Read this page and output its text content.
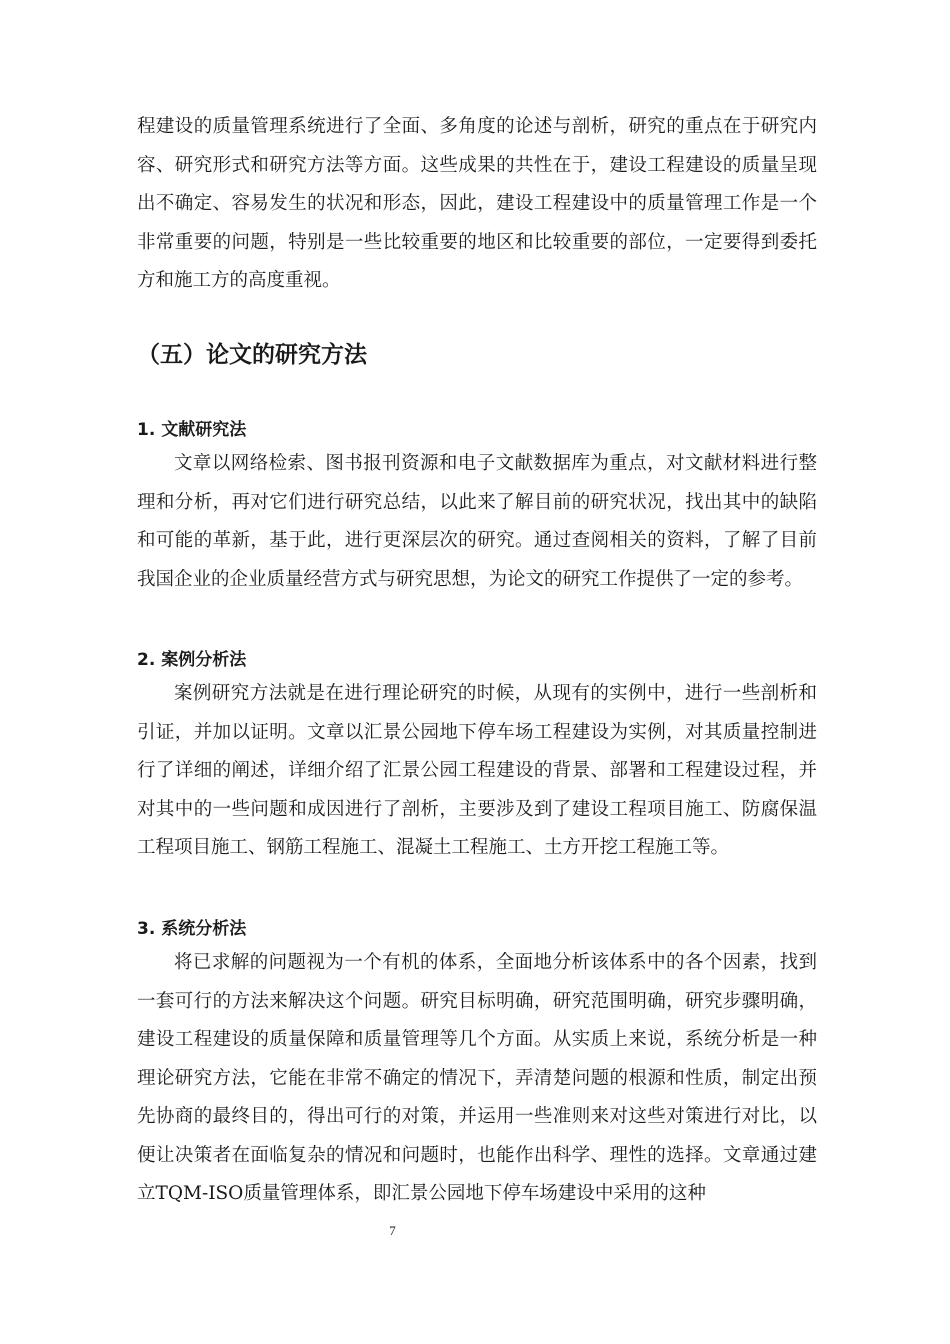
程建设的质量管理系统进行了全面、多角度的论述与剖析，研究的重点在于研究内容、研究形式和研究方法等方面。这些成果的共性在于，建设工程建设的质量呈现出不确定、容易发生的状况和形态，因此，建设工程建设中的质量管理工作是一个非常重要的问题，特别是一些比较重要的地区和比较重要的部位，一定要得到委托方和施工方的高度重视。

（五）论文的研究方法
1. 文献研究法

文章以网络检索、图书报刊资源和电子文献数据库为重点，对文献材料进行整理和分析，再对它们进行研究总结，以此来了解目前的研究状况，找出其中的缺陷和可能的革新，基于此，进行更深层次的研究。通过查阅相关的资料，了解了目前我国企业的企业质量经营方式与研究思想，为论文的研究工作提供了一定的参考。

2. 案例分析法

案例研究方法就是在进行理论研究的时候，从现有的实例中，进行一些剖析和引证，并加以证明。文章以汇景公园地下停车场工程建设为实例，对其质量控制进行了详细的阐述，详细介绍了汇景公园工程建设的背景、部署和工程建设过程，并对其中的一些问题和成因进行了剖析，主要涉及到了建设工程项目施工、防腐保温工程项目施工、钢筋工程施工、混凝土工程施工、土方开挖工程施工等。

3. 系统分析法

将已求解的问题视为一个有机的体系，全面地分析该体系中的各个因素，找到一套可行的方法来解决这个问题。研究目标明确，研究范围明确，研究步骤明确，建设工程建设的质量保障和质量管理等几个方面。从实质上来说，系统分析是一种理论研究方法，它能在非常不确定的情况下，弄清楚问题的根源和性质，制定出预先协商的最终目的，得出可行的对策，并运用一些准则来对这些对策进行对比，以便让决策者在面临复杂的情况和问题时，也能作出科学、理性的选择。文章通过建立TQM-ISO质量管理体系，即汇景公园地下停车场建设中采用的这种

7
